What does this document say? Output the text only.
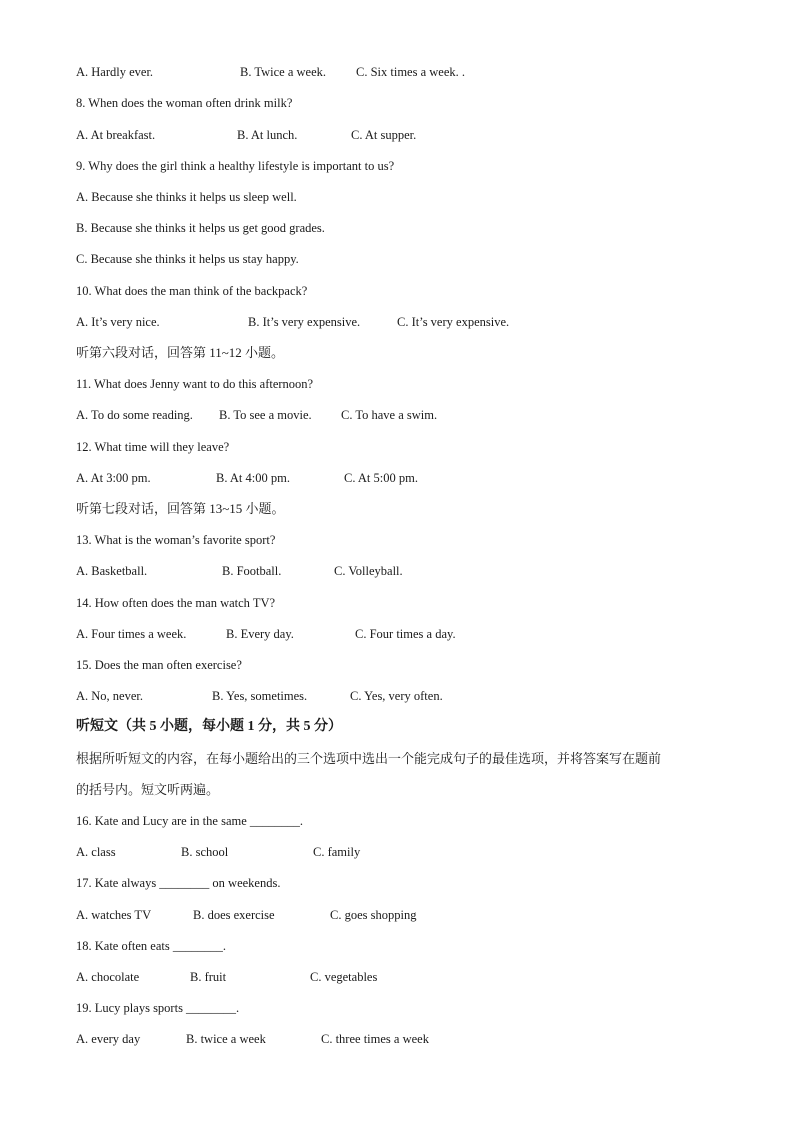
A. Hardly ever.	B. Twice a week. C. Six times a week. .
8. When does the woman often drink milk?
A. At breakfast.	B. At lunch.	C. At supper.
9. Why does the girl think a healthy lifestyle is important to us?
A. Because she thinks it helps us sleep well.
B. Because she thinks it helps us get good grades.
C. Because she thinks it helps us stay happy.
10. What does the man think of the backpack?
A. It’s very nice.	B. It’s very expensive.	C. It’s very expensive.
听第六段对话，回答第 11~12 小题。
11. What does Jenny want to do this afternoon?
A. To do some reading. B. To see a movie. C. To have a swim.
12. What time will they leave?
A. At 3:00 pm.	B. At 4:00 pm.	C. At 5:00 pm.
听第七段对话，回答第 13~15 小题。
13. What is the woman’s favorite sport?
A. Basketball.	B. Football.	C. Volleyball.
14. How often does the man watch TV?
A. Four times a week.	B. Every day.	C. Four times a day.
15. Does the man often exercise?
A. No, never.	B. Yes, sometimes.	C. Yes, very often.
听短文（共 5 小题，每小题 1 分，共 5 分）
根据所听短文的内容，在每小题给出的三个选项中选出一个能完成句子的最佳选项，并将答案写在题前
的括号内。短文听两遍。
16. Kate and Lucy are in the same ________.
A. class	B. school	C. family
17. Kate always ________ on weekends.
A. watches TV	B. does exercise	C. goes shopping
18. Kate often eats ________.
A. chocolate	B. fruit	C. vegetables
19. Lucy plays sports ________.
A. every day	B. twice a week	C. three times a week
